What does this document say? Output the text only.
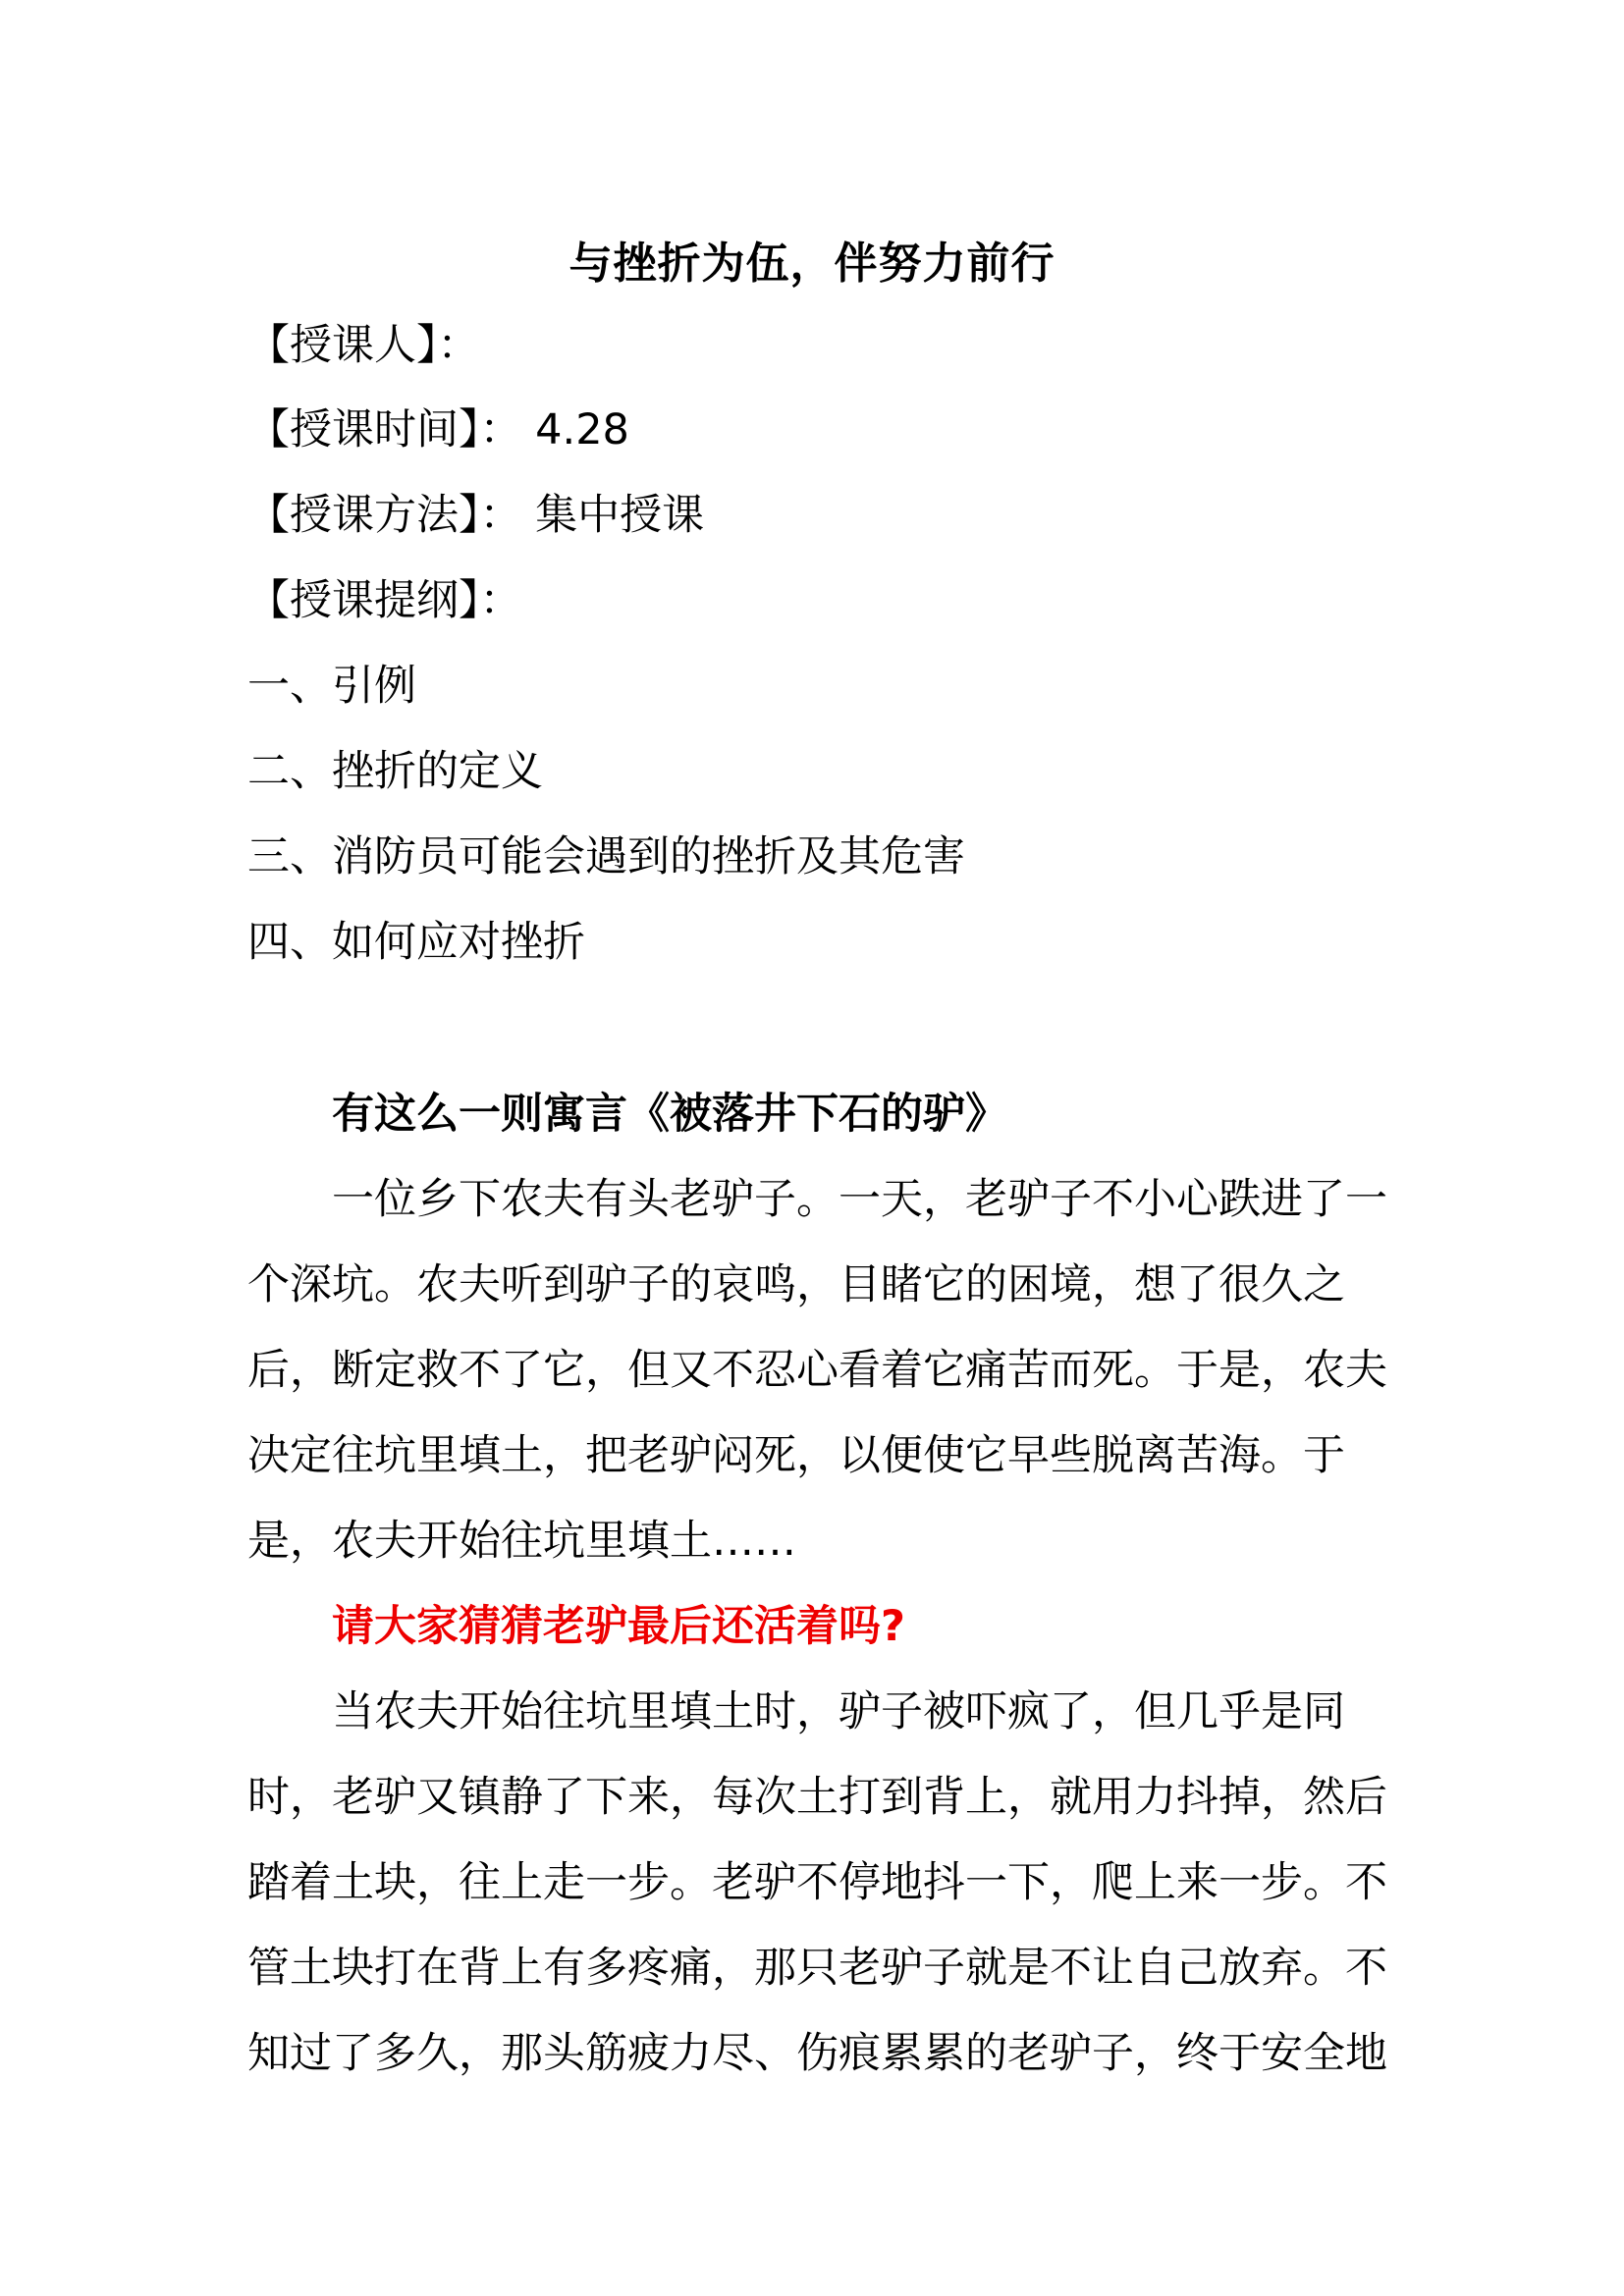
与挫折为伍，伴努力前行
【授课人】：
【授课时间】： 4.28
【授课方法】： 集中授课
【授课提纲】：
一、引例
二、挫折的定义
三、消防员可能会遇到的挫折及其危害
四、如何应对挫折
有这么一则寓言《被落井下石的驴》
一位乡下农夫有头老驴子。一天，老驴子不小心跌进了一
个深坑。农夫听到驴子的哀鸣，目睹它的困境，想了很久之
后，断定救不了它，但又不忍心看着它痛苦而死。于是，农夫
决定往坑里填土，把老驴闷死，以便使它早些脱离苦海。于
是，农夫开始往坑里填土……
请大家猜猜老驴最后还活着吗?
当农夫开始往坑里填土时，驴子被吓疯了，但几乎是同
时，老驴又镇静了下来，每次土打到背上，就用力抖掉，然后
踏着土块，往上走一步。老驴不停地抖一下，爬上来一步。不
管土块打在背上有多疼痛，那只老驴子就是不让自己放弃。不
知过了多久，那头筋疲力尽、伤痕累累的老驴子，终于安全地
